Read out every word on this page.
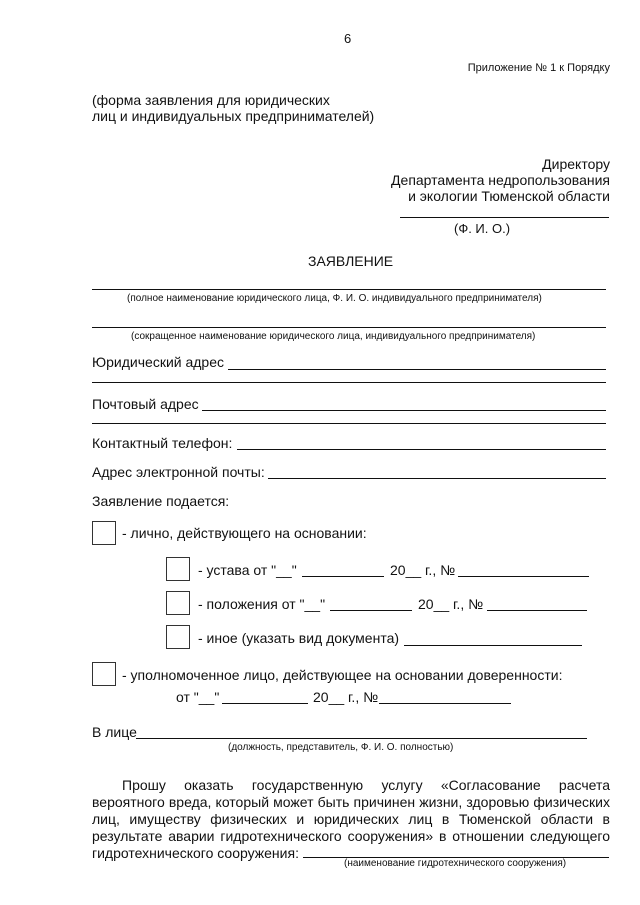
6
Приложение № 1 к Порядку
(форма заявления для юридических
лиц и индивидуальных предпринимателей)
Директору
Департамента недропользования
и экологии Тюменской области
(Ф. И. О.)
ЗАЯВЛЕНИЕ
(полное наименование юридического лица, Ф. И. О. индивидуального предпринимателя)
(сокращенное наименование юридического лица, индивидуального предпринимателя)
Юридический адрес
Почтовый адрес
Контактный телефон:
Адрес электронной почты:
Заявление подается:
- лично, действующего на основании:
- устава от "__"	20__ г., №
- положения от "__"	20__ г., №
- иное (указать вид документа)
- уполномоченное лицо, действующее на основании доверенности:
от "__"	20__ г., №
В лице
(должность, представитель, Ф. И. О. полностью)
Прошу оказать государственную услугу «Согласование расчета вероятного вреда, который может быть причинен жизни, здоровью физических лиц, имуществу физических и юридических лиц в Тюменской области в результате аварии гидротехнического сооружения» в отношении следующего гидротехнического сооружения:
(наименование гидротехнического сооружения)
